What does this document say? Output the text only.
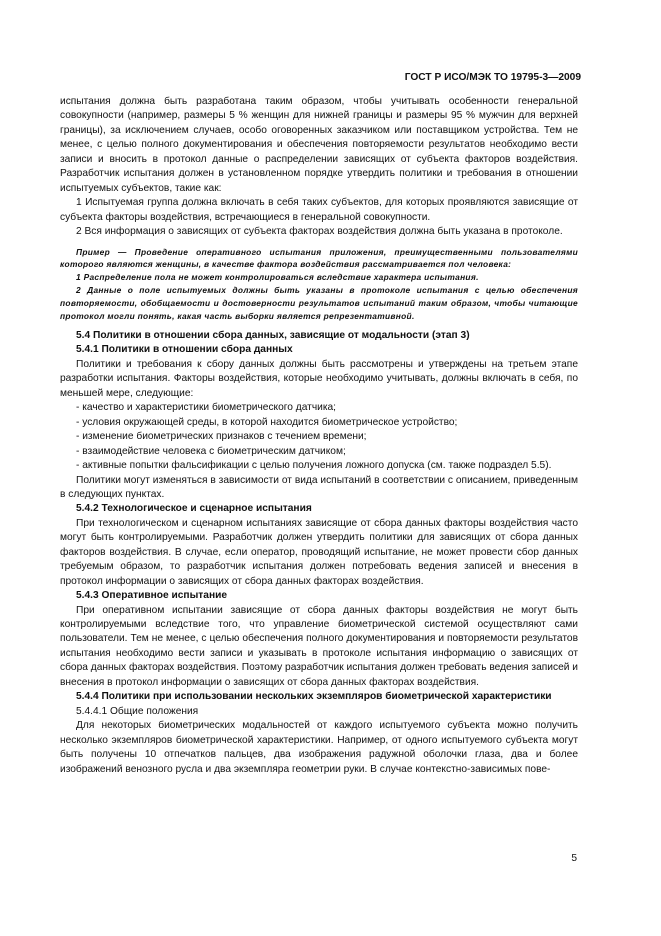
ГОСТ Р ИСО/МЭК ТО 19795-3—2009

испытания должна быть разработана таким образом, чтобы учитывать особенности генеральной совокупности (например, размеры 5 % женщин для нижней границы и размеры 95 % мужчин для верхней границы), за исключением случаев, особо оговоренных заказчиком или поставщиком устройства. Тем не менее, с целью полного документирования и обеспечения повторяемости результатов необходимо вести записи и вносить в протокол данные о распределении зависящих от субъекта факторов воздействия. Разработчик испытания должен в установленном порядке утвердить политики и требования в отношении испытуемых субъектов, такие как:

1 Испытуемая группа должна включать в себя таких субъектов, для которых проявляются зависящие от субъекта факторы воздействия, встречающиеся в генеральной совокупности.

2 Вся информация о зависящих от субъекта факторах воздействия должна быть указана в протоколе.

Пример — Проведение оперативного испытания приложения, преимущественными пользователями которого являются женщины, в качестве фактора воздействия рассматривается пол человека:

1 Распределение пола не может контролироваться вследствие характера испытания.

2 Данные о поле испытуемых должны быть указаны в протоколе испытания с целью обеспечения повторяемости, обобщаемости и достоверности результатов испытаний таким образом, чтобы читающие протокол могли понять, какая часть выборки является репрезентативной.

5.4 Политики в отношении сбора данных, зависящие от модальности (этап 3)

5.4.1 Политики в отношении сбора данных

Политики и требования к сбору данных должны быть рассмотрены и утверждены на третьем этапе разработки испытания. Факторы воздействия, которые необходимо учитывать, должны включать в себя, по меньшей мере, следующие:

- качество и характеристики биометрического датчика;

- условия окружающей среды, в которой находится биометрическое устройство;

- изменение биометрических признаков с течением времени;

- взаимодействие человека с биометрическим датчиком;

- активные попытки фальсификации с целью получения ложного допуска (см. также подраздел 5.5).

Политики могут изменяться в зависимости от вида испытаний в соответствии с описанием, приведенным в следующих пунктах.

5.4.2 Технологическое и сценарное испытания

При технологическом и сценарном испытаниях зависящие от сбора данных факторы воздействия часто могут быть контролируемыми. Разработчик должен утвердить политики для зависящих от сбора данных факторов воздействия. В случае, если оператор, проводящий испытание, не может провести сбор данных требуемым образом, то разработчик испытания должен потребовать ведения записей и внесения в протокол информации о зависящих от сбора данных факторах воздействия.

5.4.3 Оперативное испытание

При оперативном испытании зависящие от сбора данных факторы воздействия не могут быть контролируемыми вследствие того, что управление биометрической системой осуществляют сами пользователи. Тем не менее, с целью обеспечения полного документирования и повторяемости результатов испытания необходимо вести записи и указывать в протоколе испытания информацию о зависящих от сбора данных факторах воздействия. Поэтому разработчик испытания должен требовать ведения записей и внесения в протокол информации о зависящих от сбора данных факторах воздействия.

5.4.4 Политики при использовании нескольких экземпляров биометрической характеристики

5.4.4.1 Общие положения

Для некоторых биометрических модальностей от каждого испытуемого субъекта можно получить несколько экземпляров биометрической характеристики. Например, от одного испытуемого субъекта могут быть получены 10 отпечатков пальцев, два изображения радужной оболочки глаза, два и более изображений венозного русла и два экземпляра геометрии руки. В случае контекстно-зависимых пове-

5
